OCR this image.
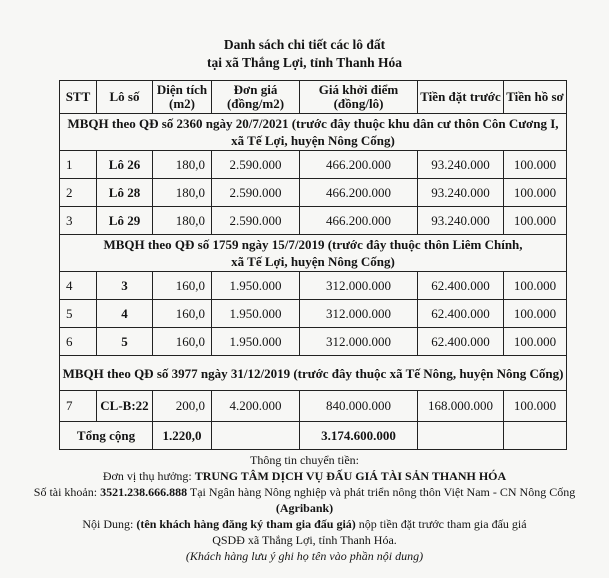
Danh sách chi tiết các lô đất
tại xã Thắng Lợi, tỉnh Thanh Hóa
STT	Lô số	Diện tích (m2)	Đơn giá (đồng/m2)	Giá khởi điểm (đồng/lô)	Tiền đặt trước	Tiền hồ sơ

MBQH theo QĐ số 2360 ngày 20/7/2021 (trước đây thuộc khu dân cư thôn Côn Cương I,
xã Tế Lợi, huyện Nông Cống)						

1	Lô 26	180,0	2.590.000	466.200.000	93.240.000	100.000
2	Lô 28	180,0	2.590.000	466.200.000	93.240.000	100.000
3	Lô 29	180,0	2.590.000	466.200.000	93.240.000	100.000

MBQH theo QĐ số 1759 ngày 15/7/2019 (trước đây thuộc thôn Liêm Chính,
xã Tế Lợi, huyện Nông Cống)						

4	3	160,0	1.950.000	312.000.000	62.400.000	100.000
5	4	160,0	1.950.000	312.000.000	62.400.000	100.000
6	5	160,0	1.950.000	312.000.000	62.400.000	100.000

MBQH theo QĐ số 3977 ngày 31/12/2019 (trước đây thuộc xã Tế Nông, huyện Nông Cống)						

7	CL-B:22	200,0	4.200.000	840.000.000	168.000.000	100.000
Tổng cộng		1.220,0		3.174.600.000		
Thông tin chuyển tiền:
Đơn vị thụ hưởng: TRUNG TÂM DỊCH VỤ ĐẤU GIÁ TÀI SẢN THANH HÓA
Số tài khoản: 3521.238.666.888 Tại Ngân hàng Nông nghiệp và phát triển nông thôn Việt Nam - CN Nông Cống
(Agribank)
Nội Dung: (tên khách hàng đăng ký tham gia đấu giá) nộp tiền đặt trước tham gia đấu giá
QSDĐ xã Thắng Lợi, tỉnh Thanh Hóa.
(Khách hàng lưu ý ghi họ tên vào phần nội dung)
